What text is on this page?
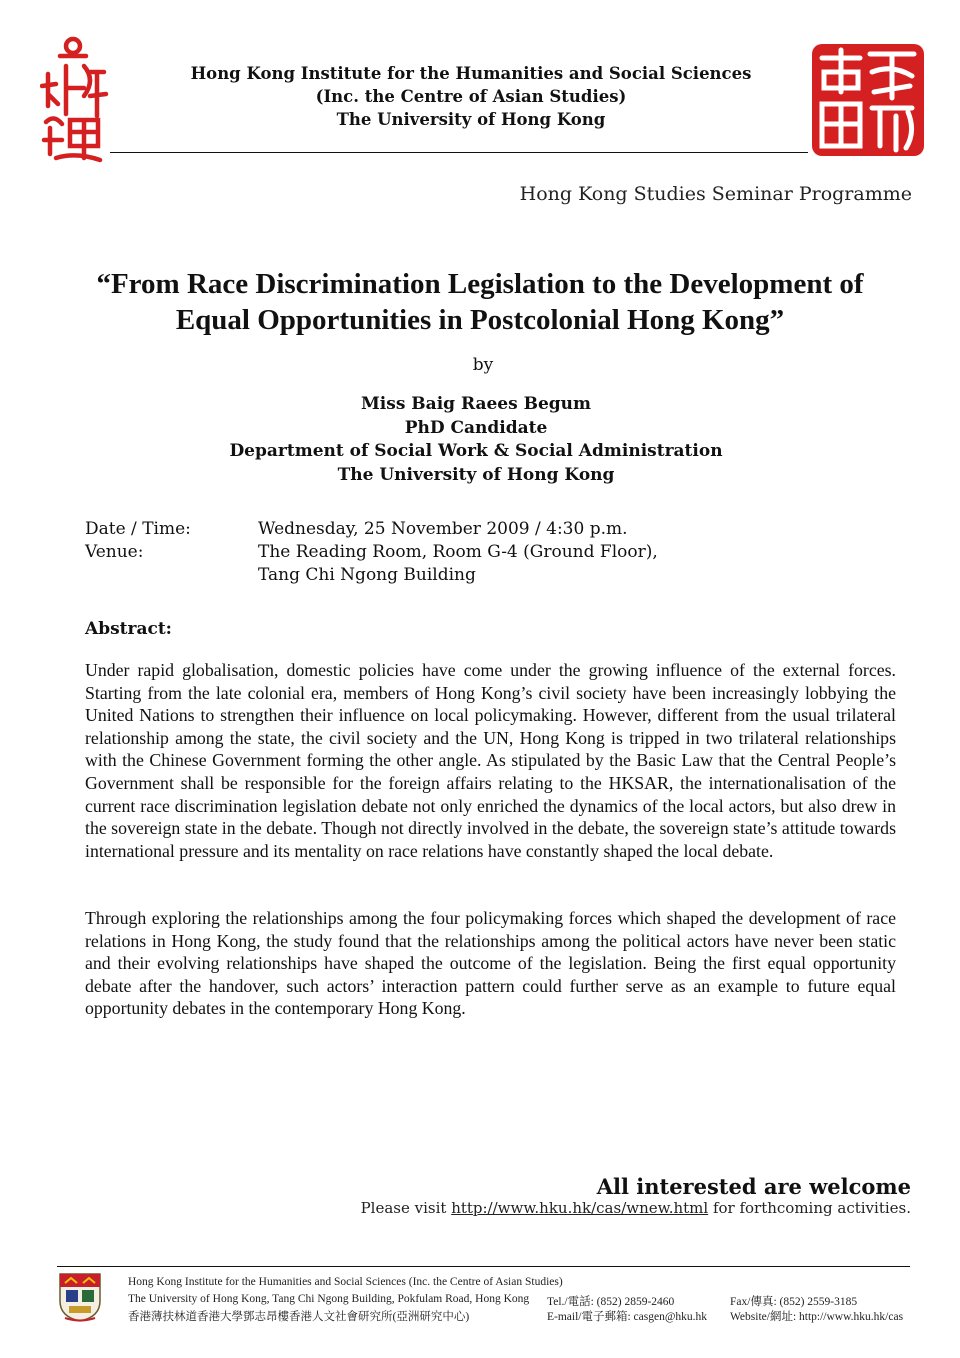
Hong Kong Institute for the Humanities and Social Sciences
(Inc. the Centre of Asian Studies)
The University of Hong Kong
Hong Kong Studies Seminar Programme
“From Race Discrimination Legislation to the Development of
Equal Opportunities in Postcolonial Hong Kong”
by
Miss Baig Raees Begum
PhD Candidate
Department of Social Work & Social Administration
The University of Hong Kong
Date / Time:	Wednesday, 25 November 2009 / 4:30 p.m.
Venue:	The Reading Room, Room G-4 (Ground Floor),
Tang Chi Ngong Building
Abstract:
Under rapid globalisation, domestic policies have come under the growing influence of the external forces. Starting from the late colonial era, members of Hong Kong’s civil society have been increasingly lobbying the United Nations to strengthen their influence on local policymaking. However, different from the usual trilateral relationship among the state, the civil society and the UN, Hong Kong is tripped in two trilateral relationships with the Chinese Government forming the other angle. As stipulated by the Basic Law that the Central People’s Government shall be responsible for the foreign affairs relating to the HKSAR, the internationalisation of the current race discrimination legislation debate not only enriched the dynamics of the local actors, but also drew in the sovereign state in the debate. Though not directly involved in the debate, the sovereign state’s attitude towards international pressure and its mentality on race relations have constantly shaped the local debate.
Through exploring the relationships among the four policymaking forces which shaped the development of race relations in Hong Kong, the study found that the relationships among the political actors have never been static and their evolving relationships have shaped the outcome of the legislation. Being the first equal opportunity debate after the handover, such actors’ interaction pattern could further serve as an example to future equal opportunity debates in the contemporary Hong Kong.
All interested are welcome
Please visit http://www.hku.hk/cas/wnew.html for forthcoming activities.
Hong Kong Institute for the Humanities and Social Sciences (Inc. the Centre of Asian Studies)
The University of Hong Kong, Tang Chi Ngong Building, Pokfulam Road, Hong Kong
香港薄扶林道香港大學鄧志昂樓香港人文社會研究所(亞洲研究中心)
Tel./電話: (852) 2859-2460
E-mail/電子郵箱: casgen@hku.hk
Fax/傳真: (852) 2559-3185
Website/網址: http://www.hku.hk/cas
